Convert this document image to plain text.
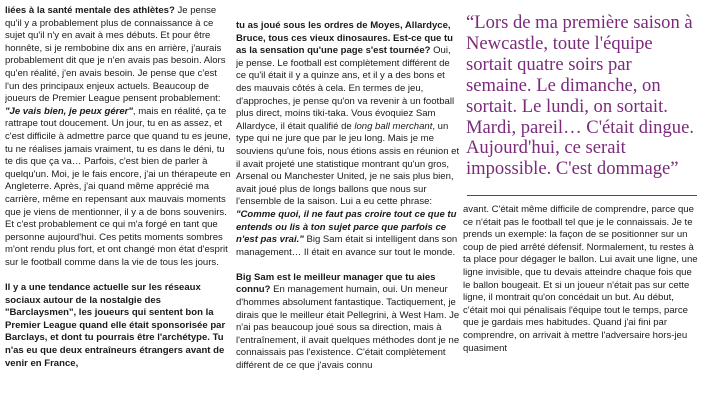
liées à la santé mentale des athlètes? Je pense qu'il y a probablement plus de connaissance à ce sujet qu'il n'y en avait à mes débuts. Et pour être honnête, si je rembobine dix ans en arrière, j'aurais probablement dit que je n'en avais pas besoin. Alors qu'en réalité, j'en avais besoin. Je pense que c'est l'un des principaux enjeux actuels. Beaucoup de joueurs de Premier League pensent probablement: "Je vais bien, je peux gérer", mais en réalité, ça te rattrape tout doucement. Un jour, tu en as assez, et c'est difficile à admettre parce que quand tu es jeune, tu ne réalises jamais vraiment, tu es dans le déni, tu te dis que ça va… Parfois, c'est bien de parler à quelqu'un. Moi, je le fais encore, j'ai un thérapeute en Angleterre. Après, j'ai quand même apprécié ma carrière, même en repensant aux mauvais moments que je viens de mentionner, il y a de bons souvenirs. Et c'est probablement ce qui m'a forgé en tant que personne aujourd'hui. Ces petits moments sombres m'ont rendu plus fort, et ont changé mon état d'esprit sur le football comme dans la vie de tous les jours.

Il y a une tendance actuelle sur les réseaux sociaux autour de la nostalgie des "Barclaysmen", les joueurs qui sentent bon la Premier League quand elle était sponsorisée par Barclays, et dont tu pourrais être l'archétype. Tu n'as eu que deux entraîneurs étrangers avant de venir en France,

tu as joué sous les ordres de Moyes, Allardyce, Bruce, tous ces vieux dinosaures. Est-ce que tu as la sensation qu'une page s'est tournée? Oui, je pense. Le football est complètement différent de ce qu'il était il y a quinze ans, et il y a des bons et des mauvais côtés à cela. En termes de jeu, d'approches, je pense qu'on va revenir à un football plus direct, moins tiki-taka. Vous évoquiez Sam Allardyce, il était qualifié de long ball merchant, un type qui ne jure que par le jeu long. Mais je me souviens qu'une fois, nous étions assis en réunion et il avait projeté une statistique montrant qu'un gros, Arsenal ou Manchester United, je ne sais plus bien, avait joué plus de longs ballons que nous sur l'ensemble de la saison. Lui a eu cette phrase: "Comme quoi, il ne faut pas croire tout ce que tu entends ou lis à ton sujet parce que parfois ce n'est pas vrai." Big Sam était si intelligent dans son management… Il était en avance sur tout le monde.

Big Sam est le meilleur manager que tu aies connu? En management humain, oui. Un meneur d'hommes absolument fantastique. Tactiquement, je dirais que le meilleur était Pellegrini, à West Ham. Je n'ai pas beaucoup joué sous sa direction, mais à l'entraînement, il avait quelques méthodes dont je ne connaissais pas l'existence. C'était complètement différent de ce que j'avais connu

“Lors de ma première saison à Newcastle, toute l'équipe sortait quatre soirs par semaine. Le dimanche, on sortait. Le lundi, on sortait. Mardi, pareil… C'était dingue. Aujourd'hui, ce serait impossible. C'est dommage”

avant. C'était même difficile de comprendre, parce que ce n'était pas le football tel que je le connaissais. Je te prends un exemple: la façon de se positionner sur un coup de pied arrêté défensif. Normalement, tu restes à ta place pour dégager le ballon. Lui avait une ligne, une ligne invisible, que tu devais atteindre chaque fois que le ballon bougeait. Et si un joueur n'était pas sur cette ligne, il montrait qu'on concédait un but. Au début, c'était moi qui pénalisais l'équipe tout le temps, parce que je gardais mes habitudes. Quand j'ai fini par comprendre, on arrivait à mettre l'adversaire hors-jeu quasiment
